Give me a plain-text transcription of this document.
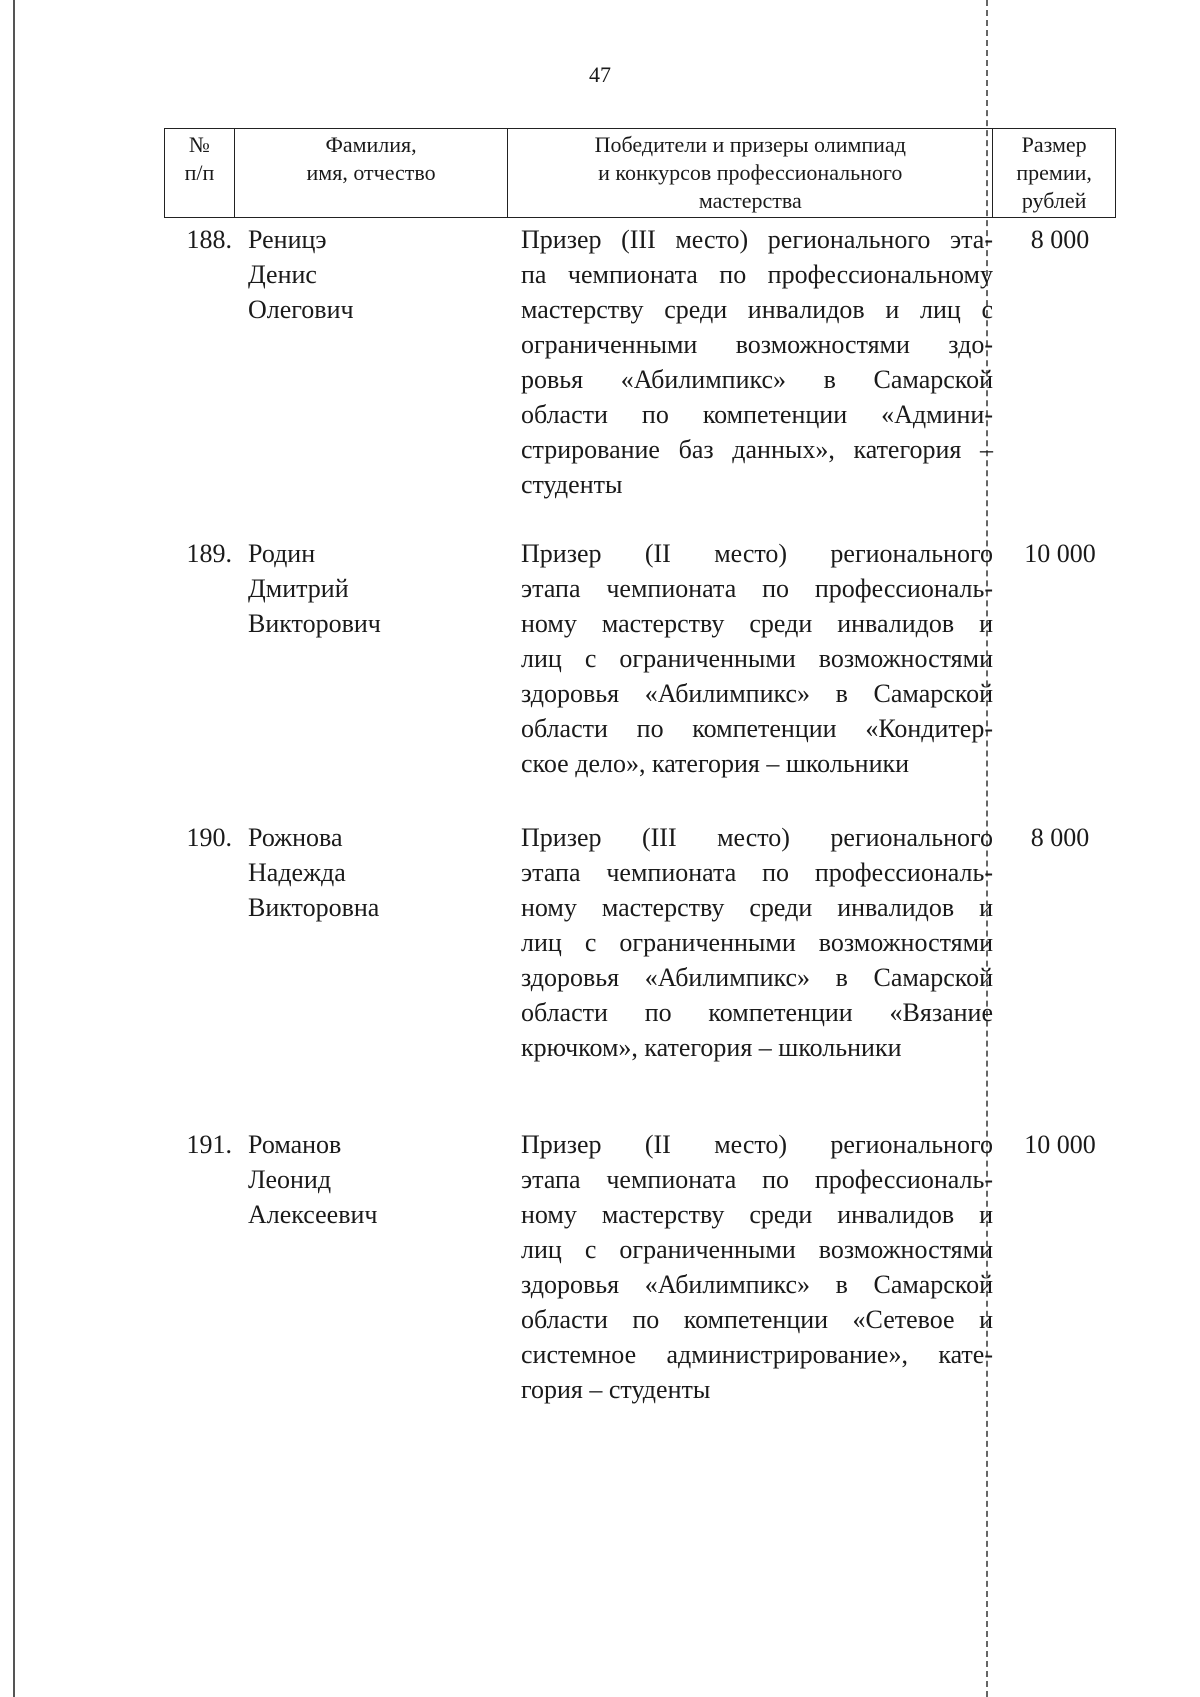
47
№
п/п
Фамилия,
имя, отчество
Победители и призеры олимпиад
и конкурсов профессионального
мастерства
Размер
премии,
рублей
188. Реницэ
Денис
Олегович
Призер (III место) регионального эта-
па чемпионата по профессиональному
мастерству среди инвалидов и лиц с
ограниченными возможностями здо-
ровья «Абилимпикс» в Самарской
области по компетенции «Админи-
стрирование баз данных», категория –
студенты
8 000
189. Родин
Дмитрий
Викторович
Призер (II место) регионального
этапа чемпионата по профессиональ-
ному мастерству среди инвалидов и
лиц с ограниченными возможностями
здоровья «Абилимпикс» в Самарской
области по компетенции «Кондитер-
ское дело», категория – школьники
10 000
190. Рожнова
Надежда
Викторовна
Призер (III место) регионального
этапа чемпионата по профессиональ-
ному мастерству среди инвалидов и
лиц с ограниченными возможностями
здоровья «Абилимпикс» в Самарской
области по компетенции «Вязание
крючком», категория – школьники
8 000
191. Романов
Леонид
Алексеевич
Призер (II место) регионального
этапа чемпионата по профессиональ-
ному мастерству среди инвалидов и
лиц с ограниченными возможностями
здоровья «Абилимпикс» в Самарской
области по компетенции «Сетевое и
системное администрирование», кате-
гория – студенты
10 000
